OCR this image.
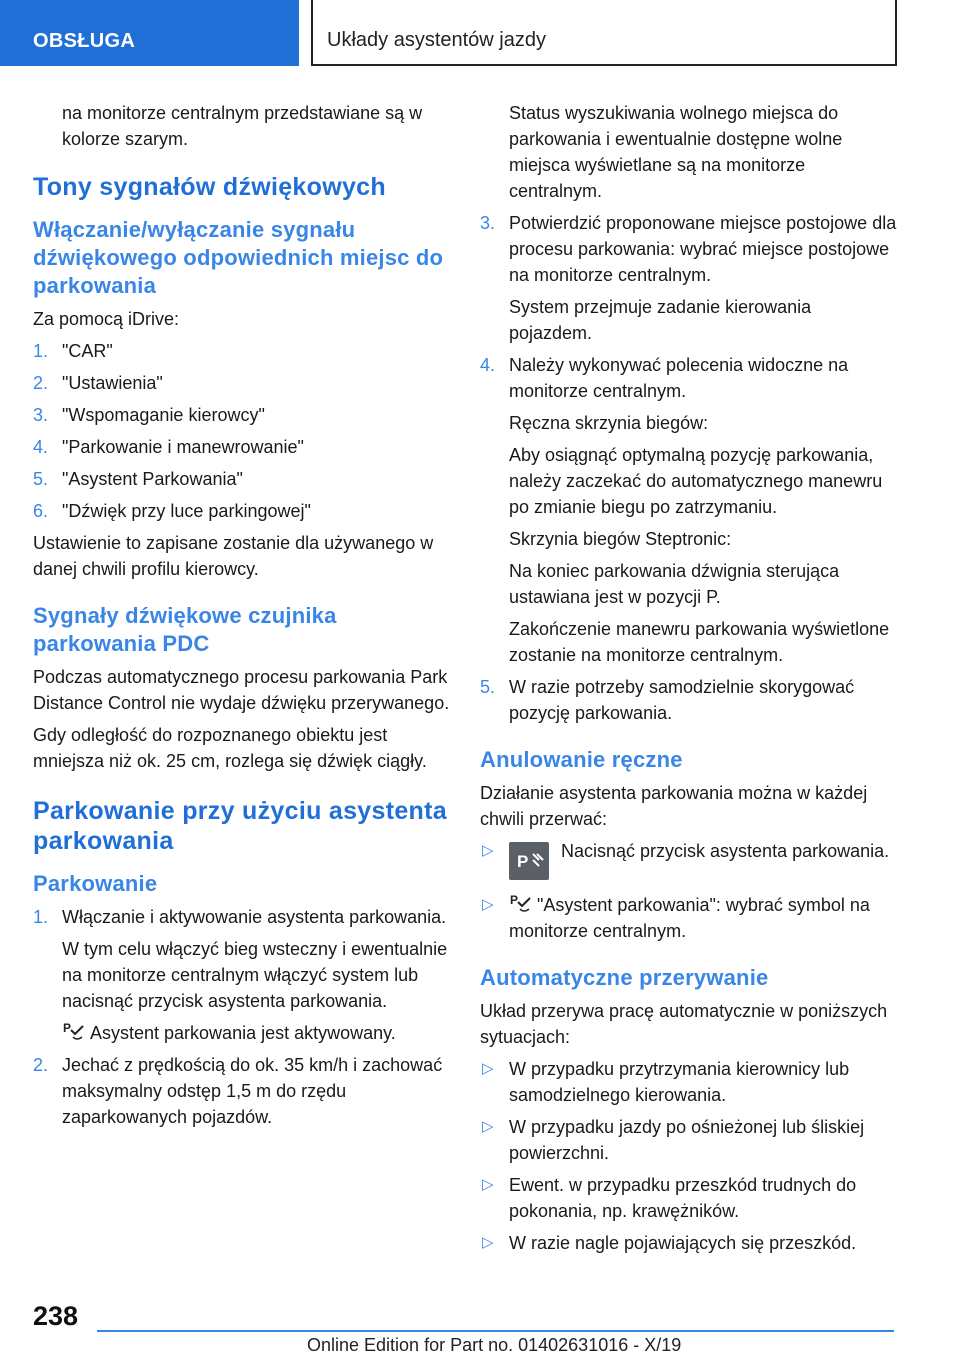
OBSŁUGA	Układy asystentów jazdy

na monitorze centralnym przedstawiane są w kolorze szarym.

Tony sygnałów dźwiękowych
Włączanie/wyłączanie sygnału dźwiękowego odpowiednich miejsc do parkowania

Za pomocą iDrive:

1. "CAR"
2. "Ustawienia"
3. "Wspomaganie kierowcy"
4. "Parkowanie i manewrowanie"
5. "Asystent Parkowania"
6. "Dźwięk przy luce parkingowej"

Ustawienie to zapisane zostanie dla używanego w danej chwili profilu kierowcy.

Sygnały dźwiękowe czujnika parkowania PDC

Podczas automatycznego procesu parkowania Park Distance Control nie wydaje dźwięku przerywanego.

Gdy odległość do rozpoznanego obiektu jest mniejsza niż ok. 25 cm, rozlega się dźwięk ciągły.

Parkowanie przy użyciu asystenta parkowania
Parkowanie
1. Włączanie i aktywowanie asystenta parkowania.

W tym celu włączyć bieg wsteczny i ewentualnie na monitorze centralnym włączyć system lub nacisnąć przycisk asystenta parkowania.

P Asystent parkowania jest aktywowany.

2. Jechać z prędkością do ok. 35 km/h i zachować maksymalny odstęp 1,5 m do rzędu zaparkowanych pojazdów.

Status wyszukiwania wolnego miejsca do parkowania i ewentualnie dostępne wolne miejsca wyświetlane są na monitorze centralnym.

3. Potwierdzić proponowane miejsce postojowe dla procesu parkowania: wybrać miejsce postojowe na monitorze centralnym.

System przejmuje zadanie kierowania pojazdem.

4. Należy wykonywać polecenia widoczne na monitorze centralnym.

Ręczna skrzynia biegów:

Aby osiągnąć optymalną pozycję parkowania, należy zaczekać do automatycznego manewru po zmianie biegu po zatrzymaniu.

Skrzynia biegów Steptronic:

Na koniec parkowania dźwignia sterująca ustawiana jest w pozycji P.

Zakończenie manewru parkowania wyświetlone zostanie na monitorze centralnym.

5. W razie potrzeby samodzielnie skorygować pozycję parkowania.
Anulowanie ręczne

Działanie asystenta parkowania można w każdej chwili przerwać:

▷
P
Nacisnąć przycisk asystenta parkowania.
▷ P "Asystent parkowania": wybrać symbol na monitorze centralnym.
Automatyczne przerywanie

Układ przerywa pracę automatycznie w poniższych sytuacjach:

▷ W przypadku przytrzymania kierownicy lub samodzielnego kierowania.
▷ W przypadku jazdy po ośnieżonej lub śliskiej powierzchni.
▷ Ewent. w przypadku przeszkód trudnych do pokonania, np. krawężników.
▷ W razie nagle pojawiających się przeszkód.
238
Online Edition for Part no. 01402631016 - X/19
